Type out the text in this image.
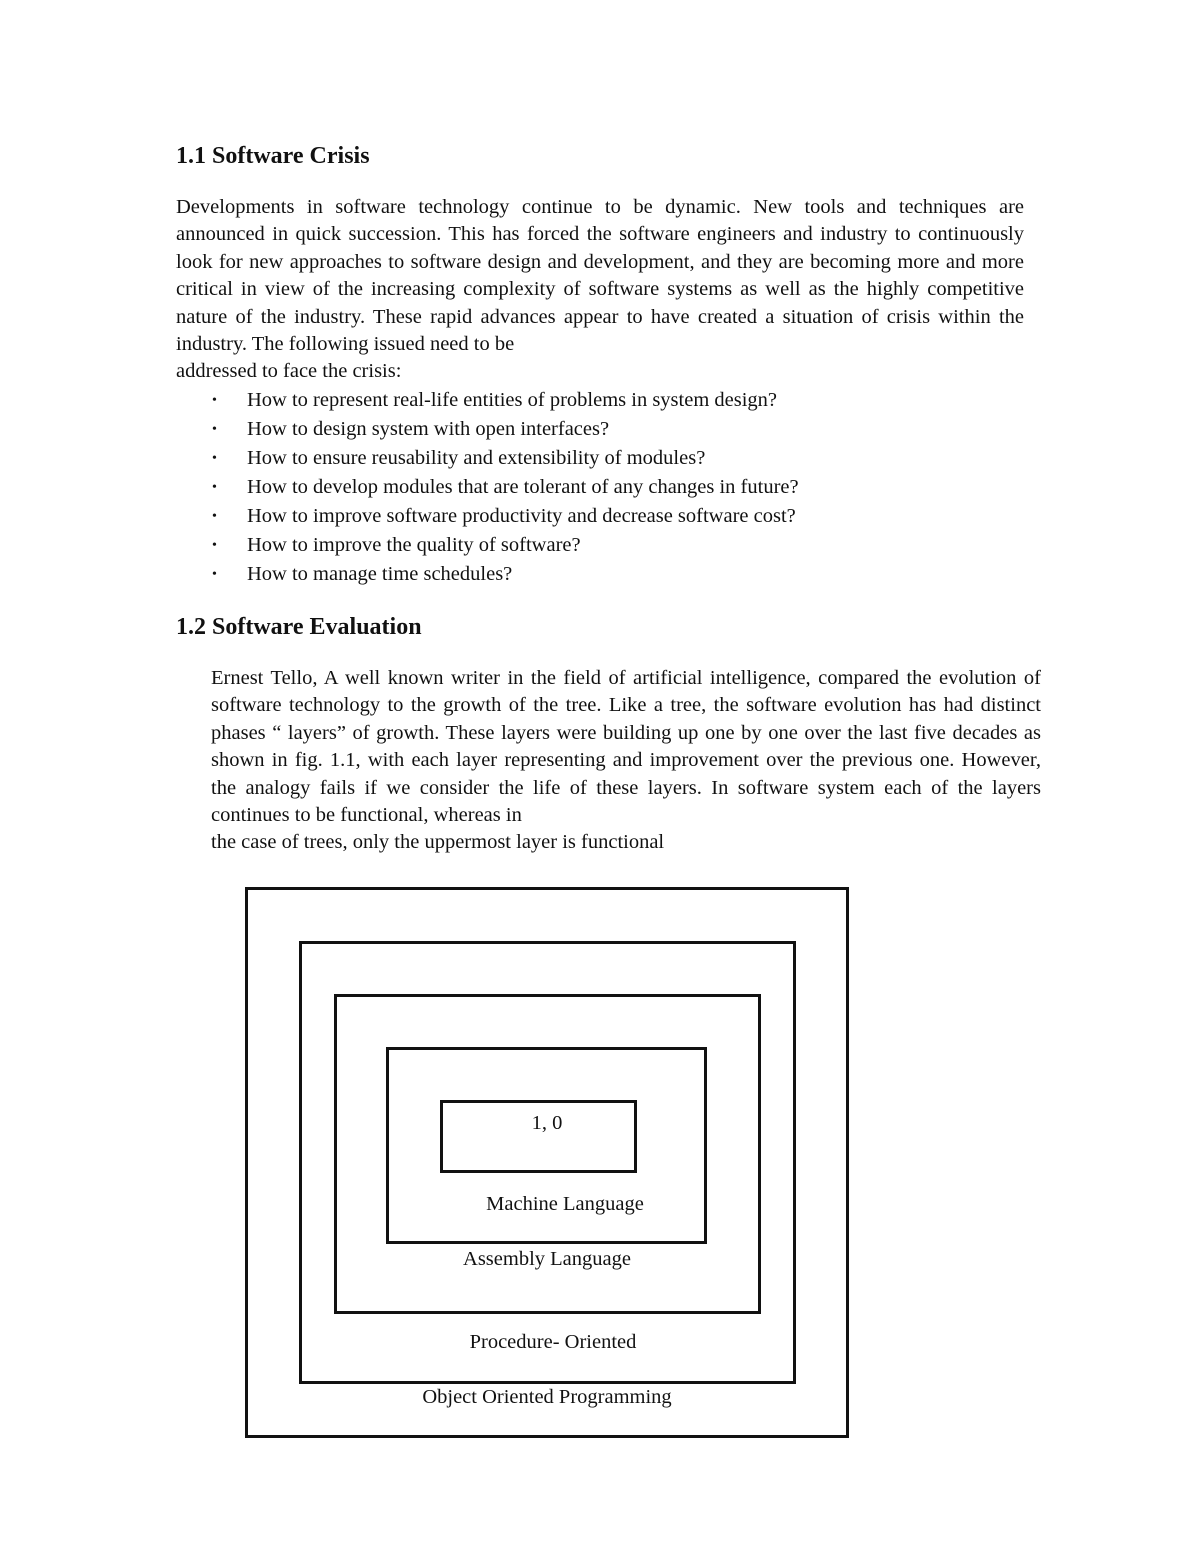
1.1 Software Crisis

Developments in software technology continue to be dynamic. New tools and techniques are announced in quick succession. This has forced the software engineers and industry to continuously look for new approaches to software design and development, and they are becoming more and more critical in view of the increasing complexity of software systems as well as the highly competitive nature of the industry. These rapid advances appear to have created a situation of crisis within the industry. The following issued need to be
addressed to face the crisis:

• How to represent real-life entities of problems in system design?
• How to design system with open interfaces?
• How to ensure reusability and extensibility of modules?
• How to develop modules that are tolerant of any changes in future?
• How to improve software productivity and decrease software cost?
• How to improve the quality of software?
• How to manage time schedules?
1.2 Software Evaluation

Ernest Tello, A well known writer in the field of artificial intelligence, compared the evolution of software technology to the growth of the tree. Like a tree, the software evolution has had distinct phases “ layers” of growth. These layers were building up one by one over the last five decades as shown in fig. 1.1, with each layer representing and improvement over the previous one. However, the analogy fails if we consider the life of these layers. In software system each of the layers continues to be functional, whereas in
the case of trees, only the uppermost layer is functional

1, 0
Machine Language
Assembly Language
Procedure- Oriented
Object Oriented Programming
